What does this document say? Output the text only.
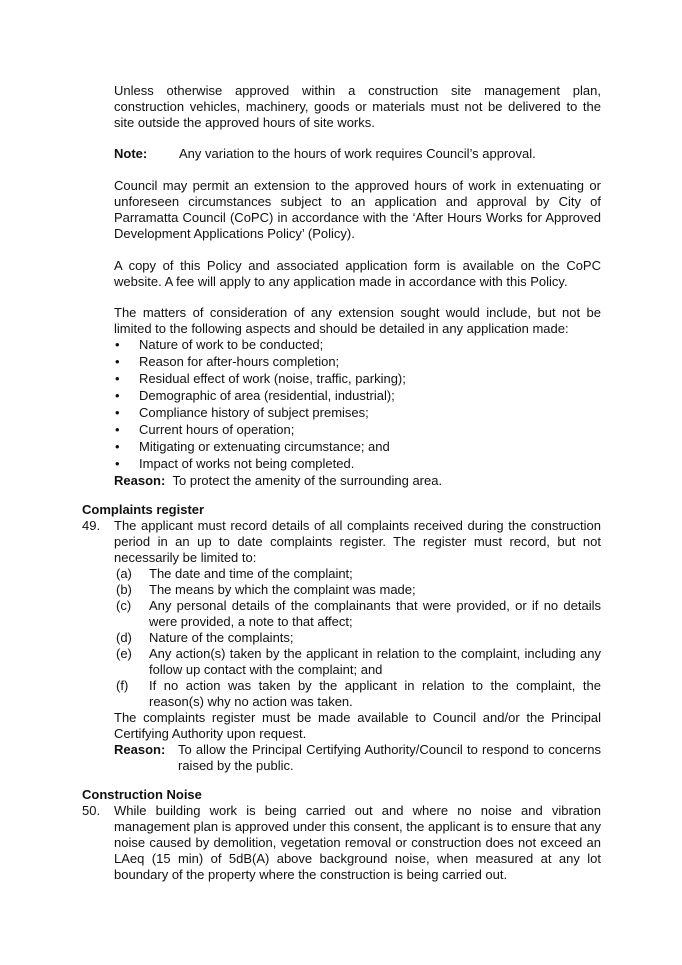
Unless otherwise approved within a construction site management plan, construction vehicles, machinery, goods or materials must not be delivered to the site outside the approved hours of site works.

Note: Any variation to the hours of work requires Council’s approval.

Council may permit an extension to the approved hours of work in extenuating or unforeseen circumstances subject to an application and approval by City of Parramatta Council (CoPC) in accordance with the ‘After Hours Works for Approved Development Applications Policy’ (Policy).

A copy of this Policy and associated application form is available on the CoPC website. A fee will apply to any application made in accordance with this Policy.

The matters of consideration of any extension sought would include, but not be limited to the following aspects and should be detailed in any application made:

• Nature of work to be conducted;
• Reason for after-hours completion;
• Residual effect of work (noise, traffic, parking);
• Demographic of area (residential, industrial);
• Compliance history of subject premises;
• Current hours of operation;
• Mitigating or extenuating circumstance; and
• Impact of works not being completed.

Reason: To protect the amenity of the surrounding area.

Complaints register
49. The applicant must record details of all complaints received during the construction period in an up to date complaints register. The register must record, but not necessarily be limited to:

(a) The date and time of the complaint;
(b) The means by which the complaint was made;
(c) Any personal details of the complainants that were provided, or if no details were provided, a note to that affect;
(d) Nature of the complaints;
(e) Any action(s) taken by the applicant in relation to the complaint, including any follow up contact with the complaint; and
(f) If no action was taken by the applicant in relation to the complaint, the reason(s) why no action was taken.

The complaints register must be made available to Council and/or the Principal Certifying Authority upon request.

Reason: To allow the Principal Certifying Authority/Council to respond to concerns raised by the public.
Construction Noise
50. While building work is being carried out and where no noise and vibration management plan is approved under this consent, the applicant is to ensure that any noise caused by demolition, vegetation removal or construction does not exceed an LAeq (15 min) of 5dB(A) above background noise, when measured at any lot boundary of the property where the construction is being carried out.
